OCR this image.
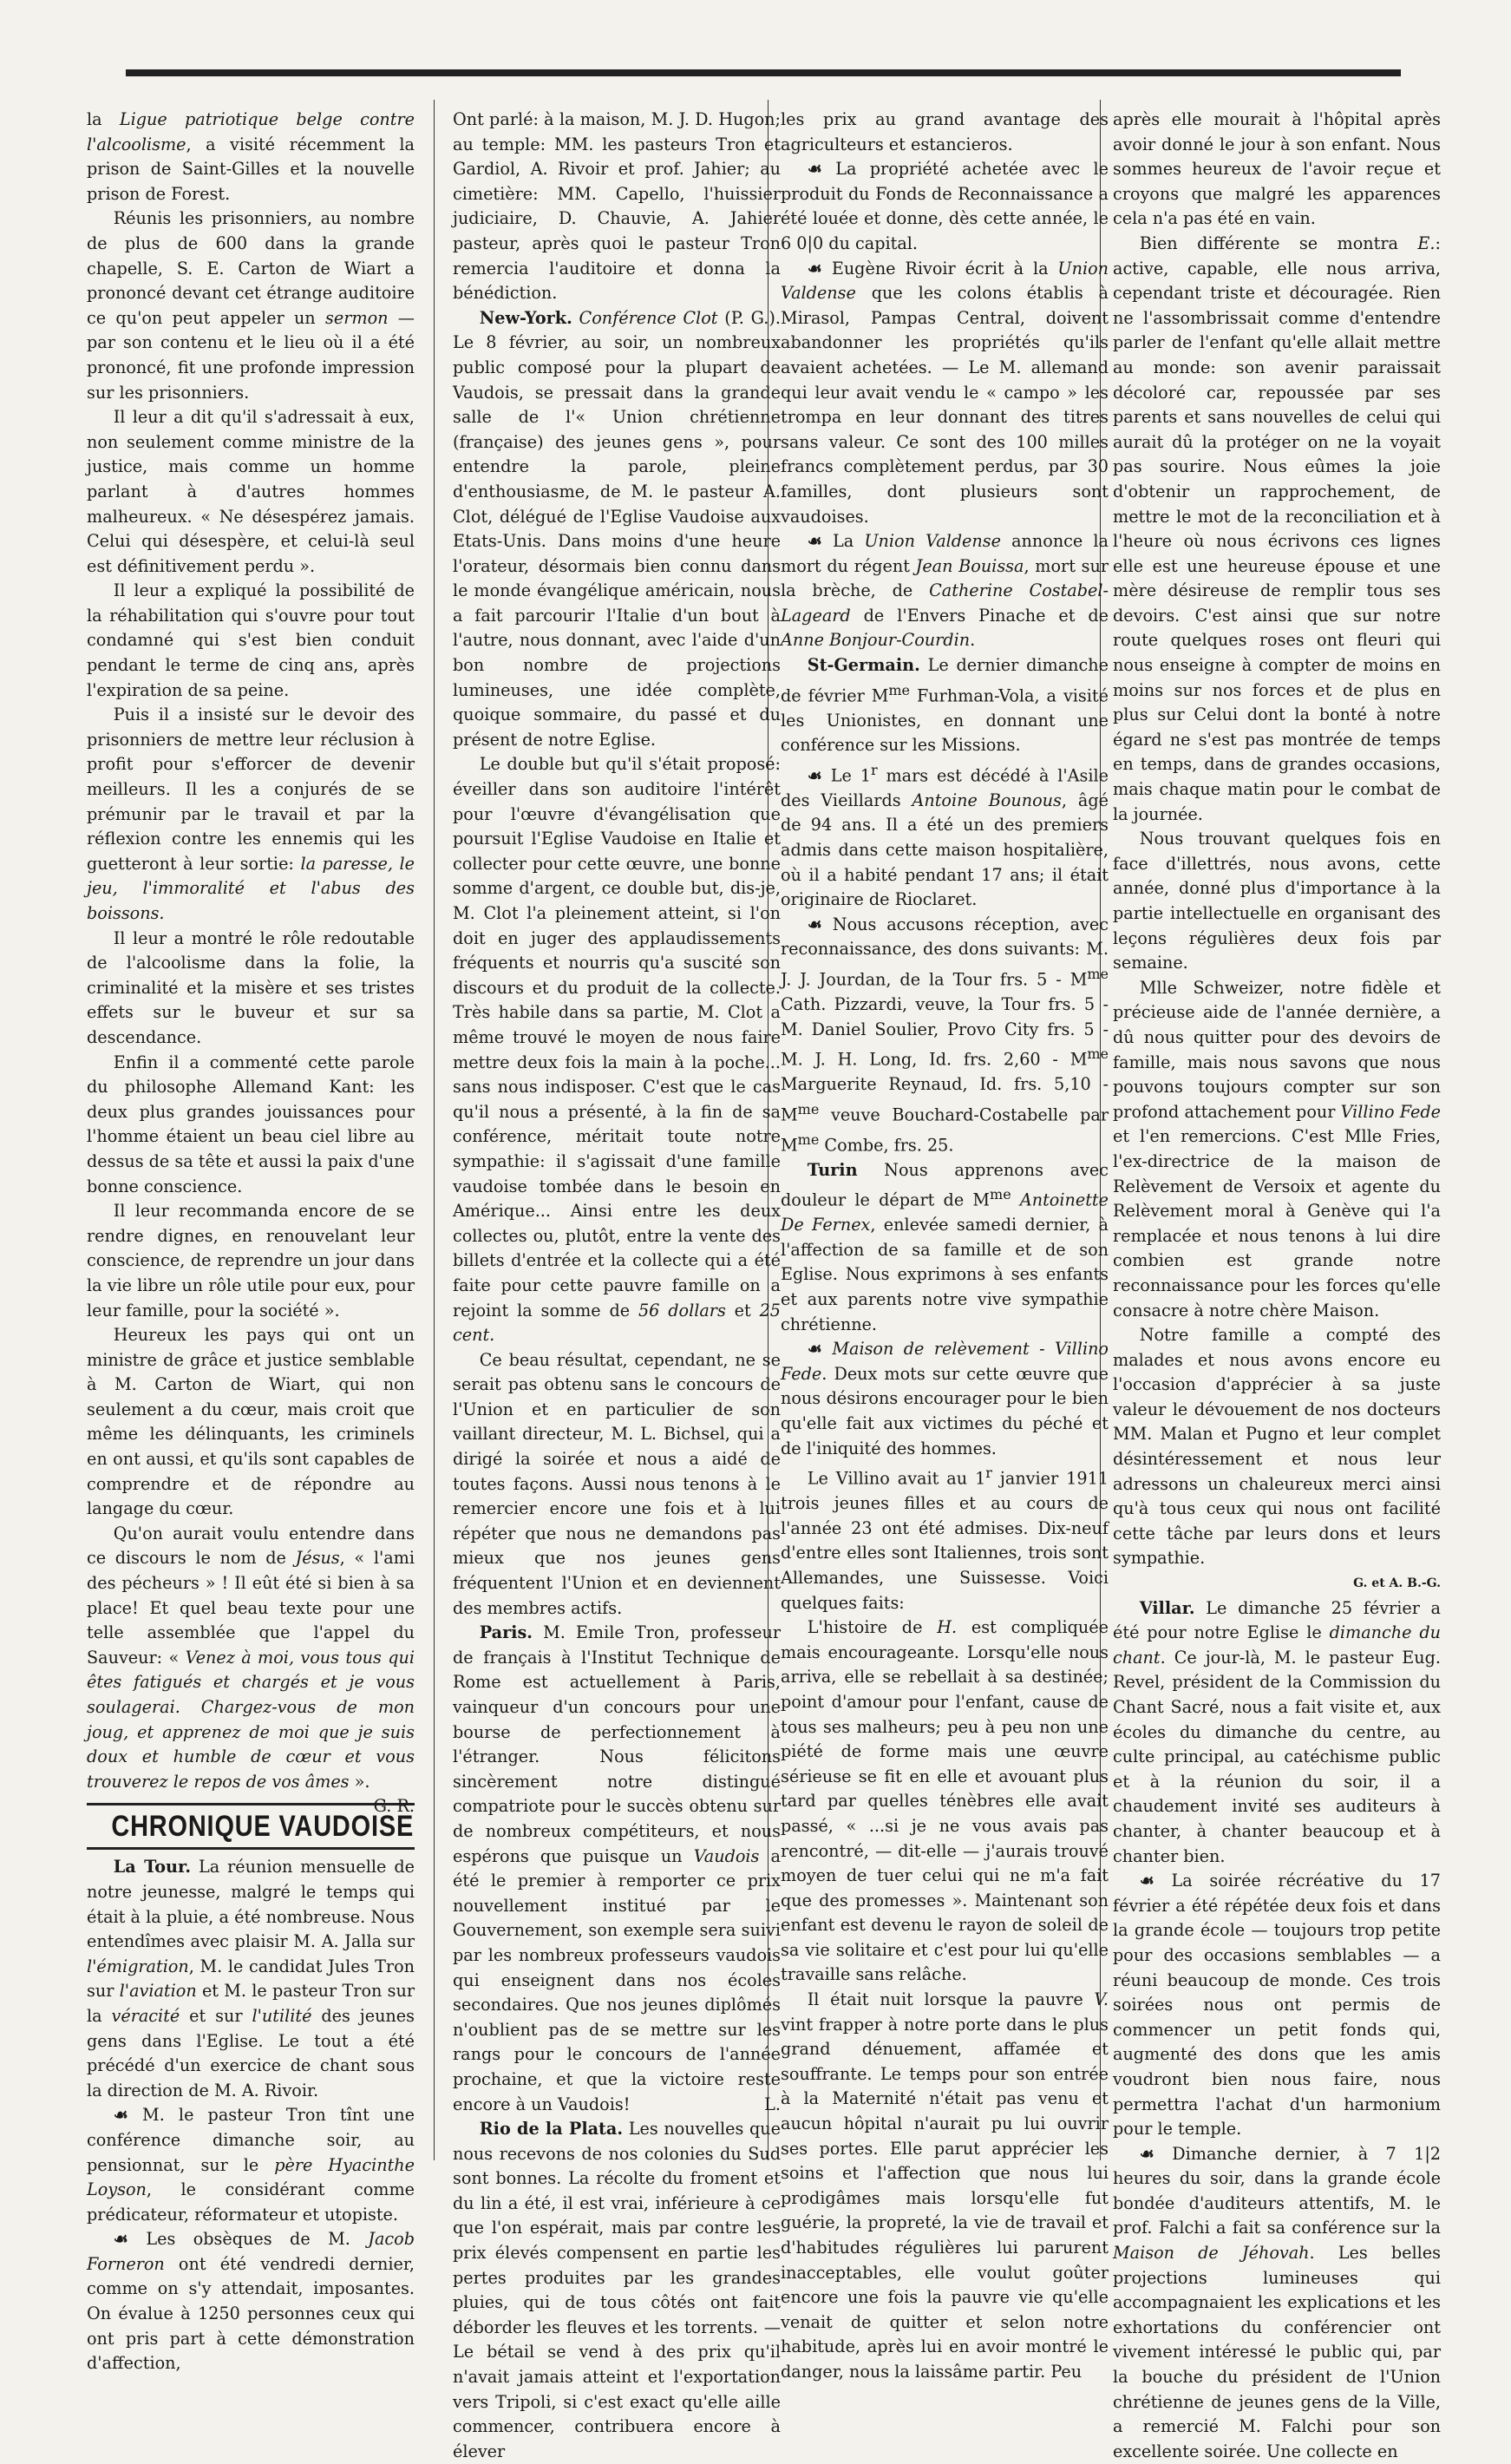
la Ligue patriotique belge contre l'alcoolisme, a visité récemment la prison de Saint-Gilles et la nouvelle prison de Forest.

Réunis les prisonniers, au nombre de plus de 600 dans la grande chapelle, S. E. Carton de Wiart a prononcé devant cet étrange auditoire ce qu'on peut appeler un sermon — par son contenu et le lieu où il a été prononcé, fit une profonde impression sur les prisonniers.

Il leur a dit qu'il s'adressait à eux, non seulement comme ministre de la justice, mais comme un homme parlant à d'autres hommes malheureux. « Ne désespérez jamais. Celui qui désespère, et celui-là seul est définitivement perdu ».

Il leur a expliqué la possibilité de la réhabilitation qui s'ouvre pour tout condamné qui s'est bien conduit pendant le terme de cinq ans, après l'expiration de sa peine.

Puis il a insisté sur le devoir des prisonniers de mettre leur réclusion à profit pour s'efforcer de devenir meilleurs. Il les a conjurés de se prémunir par le travail et par la réflexion contre les ennemis qui les guetteront à leur sortie: la paresse, le jeu, l'immoralité et l'abus des boissons.

Il leur a montré le rôle redoutable de l'alcoolisme dans la folie, la criminalité et la misère et ses tristes effets sur le buveur et sur sa descendance.

Enfin il a commenté cette parole du philosophe Allemand Kant: les deux plus grandes jouissances pour l'homme étaient un beau ciel libre au dessus de sa tête et aussi la paix d'une bonne conscience.

Il leur recommanda encore de se rendre dignes, en renouvelant leur conscience, de reprendre un jour dans la vie libre un rôle utile pour eux, pour leur famille, pour la société ».

Heureux les pays qui ont un ministre de grâce et justice semblable à M. Carton de Wiart, qui non seulement a du cœur, mais croit que même les délinquants, les criminels en ont aussi, et qu'ils sont capables de comprendre et de répondre au langage du cœur.

Qu'on aurait voulu entendre dans ce discours le nom de Jésus, « l'ami des pécheurs » ! Il eût été si bien à sa place! Et quel beau texte pour une telle assemblée que l'appel du Sauveur: « Venez à moi, vous tous qui êtes fatigués et chargés et je vous soulagerai. Chargez-vous de mon joug, et apprenez de moi que je suis doux et humble de cœur et vous trouverez le repos de vos âmes ».
G. R.

CHRONIQUE VAUDOISE

La Tour. La réunion mensuelle de notre jeunesse, malgré le temps qui était à la pluie, a été nombreuse. Nous entendîmes avec plaisir M. A. Jalla sur l'émigration, M. le candidat Jules Tron sur l'aviation et M. le pasteur Tron sur la véracité et sur l'utilité des jeunes gens dans l'Eglise. Le tout a été précédé d'un exercice de chant sous la direction de M. A. Rivoir.

☙ M. le pasteur Tron tînt une conférence dimanche soir, au pensionnat, sur le père Hyacinthe Loyson, le considérant comme prédicateur, réformateur et utopiste.

☙ Les obsèques de M. Jacob Forneron ont été vendredi dernier, comme on s'y attendait, imposantes. On évalue à 1250 personnes ceux qui ont pris part à cette démonstration d'affection,

Ont parlé: à la maison, M. J. D. Hugon; au temple: MM. les pasteurs Tron et Gardiol, A. Rivoir et prof. Jahier; au cimetière: MM. Capello, l'huissier judiciaire, D. Chauvie, A. Jahier pasteur, après quoi le pasteur Tron remercia l'auditoire et donna la bénédiction.

New-York. Conférence Clot (P. G.). Le 8 février, au soir, un nombreux public composé pour la plupart de Vaudois, se pressait dans la grande salle de l'« Union chrétienne (française) des jeunes gens », pour entendre la parole, pleine d'enthousiasme, de M. le pasteur A. Clot, délégué de l'Eglise Vaudoise aux Etats-Unis. Dans moins d'une heure l'orateur, désormais bien connu dans le monde évangélique américain, nous a fait parcourir l'Italie d'un bout à l'autre, nous donnant, avec l'aide d'un bon nombre de projections lumineuses, une idée complète, quoique sommaire, du passé et du présent de notre Eglise.

Le double but qu'il s'était proposé: éveiller dans son auditoire l'intérêt pour l'œuvre d'évangélisation que poursuit l'Eglise Vaudoise en Italie et collecter pour cette œuvre, une bonne somme d'argent, ce double but, dis-je, M. Clot l'a pleinement atteint, si l'on doit en juger des applaudissements fréquents et nourris qu'a suscité son discours et du produit de la collecte. Très habile dans sa partie, M. Clot a même trouvé le moyen de nous faire mettre deux fois la main à la poche... sans nous indisposer. C'est que le cas qu'il nous a présenté, à la fin de sa conférence, méritait toute notre sympathie: il s'agissait d'une famille vaudoise tombée dans le besoin en Amérique... Ainsi entre les deux collectes ou, plutôt, entre la vente des billets d'entrée et la collecte qui a été faite pour cette pauvre famille on a rejoint la somme de 56 dollars et 25 cent.

Ce beau résultat, cependant, ne se serait pas obtenu sans le concours de l'Union et en particulier de son vaillant directeur, M. L. Bichsel, qui a dirigé la soirée et nous a aidé de toutes façons. Aussi nous tenons à le remercier encore une fois et à lui répéter que nous ne demandons pas mieux que nos jeunes gens fréquentent l'Union et en deviennent des membres actifs.

Paris. M. Emile Tron, professeur de français à l'Institut Technique de Rome est actuellement à Paris, vainqueur d'un concours pour une bourse de perfectionnement à l'étranger. Nous félicitons sincèrement notre distingué compatriote pour le succès obtenu sur de nombreux compétiteurs, et nous espérons que puisque un Vaudois a été le premier à remporter ce prix nouvellement institué par le Gouvernement, son exemple sera suivi par les nombreux professeurs vaudois qui enseignent dans nos écoles secondaires. Que nos jeunes diplômés n'oublient pas de se mettre sur les rangs pour le concours de l'année prochaine, et que la victoire reste encore à un Vaudois!	L.

Rio de la Plata. Les nouvelles que nous recevons de nos colonies du Sud sont bonnes. La récolte du froment et du lin a été, il est vrai, inférieure à ce que l'on espérait, mais par contre les prix élevés compensent en partie les pertes produites par les grandes pluies, qui de tous côtés ont fait déborder les fleuves et les torrents. — Le bétail se vend à des prix qu'il n'avait jamais atteint et l'exportation vers Tripoli, si c'est exact qu'elle aille commencer, contribuera encore à élever

les prix au grand avantage des agriculteurs et estancieros.

☙ La propriété achetée avec le produit du Fonds de Reconnaissance a été louée et donne, dès cette année, le 6 0|0 du capital.

☙ Eugène Rivoir écrit à la Union Valdense que les colons établis à Mirasol, Pampas Central, doivent abandonner les propriétés qu'ils avaient achetées. — Le M. allemand qui leur avait vendu le « campo » les trompa en leur donnant des titres sans valeur. Ce sont des 100 milles francs complètement perdus, par 30 familles, dont plusieurs sont vaudoises.

☙ La Union Valdense annonce la mort du régent Jean Bouissa, mort sur la brèche, de Catherine Costabel-Lageard de l'Envers Pinache et de Anne Bonjour-Courdin.

St-Germain. Le dernier dimanche de février $M^{me}$ Furhman-Vola, a visité les Unionistes, en donnant une conférence sur les Missions.

☙ Le 1$^r$ mars est décédé à l'Asile des Vieillards Antoine Bounous, âgé de 94 ans. Il a été un des premiers admis dans cette maison hospitalière, où il a habité pendant 17 ans; il était originaire de Rioclaret.

☙ Nous accusons réception, avec reconnaissance, des dons suivants: M. J. J. Jourdan, de la Tour frs. $5 - M^{me}$ Cath. Pizzardi, veuve, la Tour frs. 5 - M. Daniel Soulier, Provo City frs. 5 - M. J. H. Long, Id. frs. $2,60 - M^{me}$ Marguerite Reynaud, Id. frs. $5,10 - M^{me}$ veuve Bouchard-Costabelle par $M^{me}$ Combe, frs. 25.

Turin Nous apprenons avec douleur le départ de $M^{me}$ Antoinette De Fernex, enlevée samedi dernier, à l'affection de sa famille et de son Eglise. Nous exprimons à ses enfants et aux parents notre vive sympathie chrétienne.

☙ Maison de relèvement - Villino Fede. Deux mots sur cette œuvre que nous désirons encourager pour le bien qu'elle fait aux victimes du péché et de l'iniquité des hommes.

Le Villino avait au 1$^r$ janvier 1911 trois jeunes filles et au cours de l'année 23 ont été admises. Dix-neuf d'entre elles sont Italiennes, trois sont Allemandes, une Suissesse. Voici quelques faits:

L'histoire de H. est compliquée mais encourageante. Lorsqu'elle nous arriva, elle se rebellait à sa destinée; point d'amour pour l'enfant, cause de tous ses malheurs; peu à peu non une piété de forme mais une œuvre sérieuse se fit en elle et avouant plus tard par quelles ténèbres elle avait passé, « ...si je ne vous avais pas rencontré, — dit-elle — j'aurais trouvé moyen de tuer celui qui ne m'a fait que des promesses ». Maintenant son enfant est devenu le rayon de soleil de sa vie solitaire et c'est pour lui qu'elle travaille sans relâche.

Il était nuit lorsque la pauvre V. vint frapper à notre porte dans le plus grand dénuement, affamée et souffrante. Le temps pour son entrée à la Maternité n'était pas venu et aucun hôpital n'aurait pu lui ouvrir ses portes. Elle parut apprécier les soins et l'affection que nous lui prodigâmes mais lorsqu'elle fut guérie, la propreté, la vie de travail et d'habitudes régulières lui parurent inacceptables, elle voulut goûter encore une fois la pauvre vie qu'elle venait de quitter et selon notre habitude, après lui en avoir montré le danger, nous la laissâme partir. Peu

après elle mourait à l'hôpital après avoir donné le jour à son enfant. Nous sommes heureux de l'avoir reçue et croyons que malgré les apparences cela n'a pas été en vain.

Bien différente se montra E.: active, capable, elle nous arriva, cependant triste et découragée. Rien ne l'assombrissait comme d'entendre parler de l'enfant qu'elle allait mettre au monde: son avenir paraissait décoloré car, repoussée par ses parents et sans nouvelles de celui qui aurait dû la protéger on ne la voyait pas sourire. Nous eûmes la joie d'obtenir un rapprochement, de mettre le mot de la reconciliation et à l'heure où nous écrivons ces lignes elle est une heureuse épouse et une mère désireuse de remplir tous ses devoirs. C'est ainsi que sur notre route quelques roses ont fleuri qui nous enseigne à compter de moins en moins sur nos forces et de plus en plus sur Celui dont la bonté à notre égard ne s'est pas montrée de temps en temps, dans de grandes occasions, mais chaque matin pour le combat de la journée.

Nous trouvant quelques fois en face d'illettrés, nous avons, cette année, donné plus d'importance à la partie intellectuelle en organisant des leçons régulières deux fois par semaine.

Mlle Schweizer, notre fidèle et précieuse aide de l'année dernière, a dû nous quitter pour des devoirs de famille, mais nous savons que nous pouvons toujours compter sur son profond attachement pour Villino Fede et l'en remercions. C'est Mlle Fries, l'ex-directrice de la maison de Relèvement de Versoix et agente du Relèvement moral à Genève qui l'a remplacée et nous tenons à lui dire combien est grande notre reconnaissance pour les forces qu'elle consacre à notre chère Maison.

Notre famille a compté des malades et nous avons encore eu l'occasion d'apprécier à sa juste valeur le dévouement de nos docteurs MM. Malan et Pugno et leur complet désintéressement et nous leur adressons un chaleureux merci ainsi qu'à tous ceux qui nous ont facilité cette tâche par leurs dons et leurs sympathie.

G. et A. B.-G.

Villar. Le dimanche 25 février a été pour notre Eglise le dimanche du chant. Ce jour-là, M. le pasteur Eug. Revel, président de la Commission du Chant Sacré, nous a fait visite et, aux écoles du dimanche du centre, au culte principal, au catéchisme public et à la réunion du soir, il a chaudement invité ses auditeurs à chanter, à chanter beaucoup et à chanter bien.

☙ La soirée récréative du 17 février a été répétée deux fois et dans la grande école — toujours trop petite pour des occasions semblables — a réuni beaucoup de monde. Ces trois soirées nous ont permis de commencer un petit fonds qui, augmenté des dons que les amis voudront bien nous faire, nous permettra l'achat d'un harmonium pour le temple.

☙ Dimanche dernier, à 7 1|2 heures du soir, dans la grande école bondée d'auditeurs attentifs, M. le prof. Falchi a fait sa conférence sur la Maison de Jéhovah. Les belles projections lumineuses qui accompagnaient les explications et les exhortations du conférencier ont vivement intéressé le public qui, par la bouche du président de l'Union chrétienne de jeunes gens de la Ville, a remercié M. Falchi pour son excellente soirée. Une collecte en
